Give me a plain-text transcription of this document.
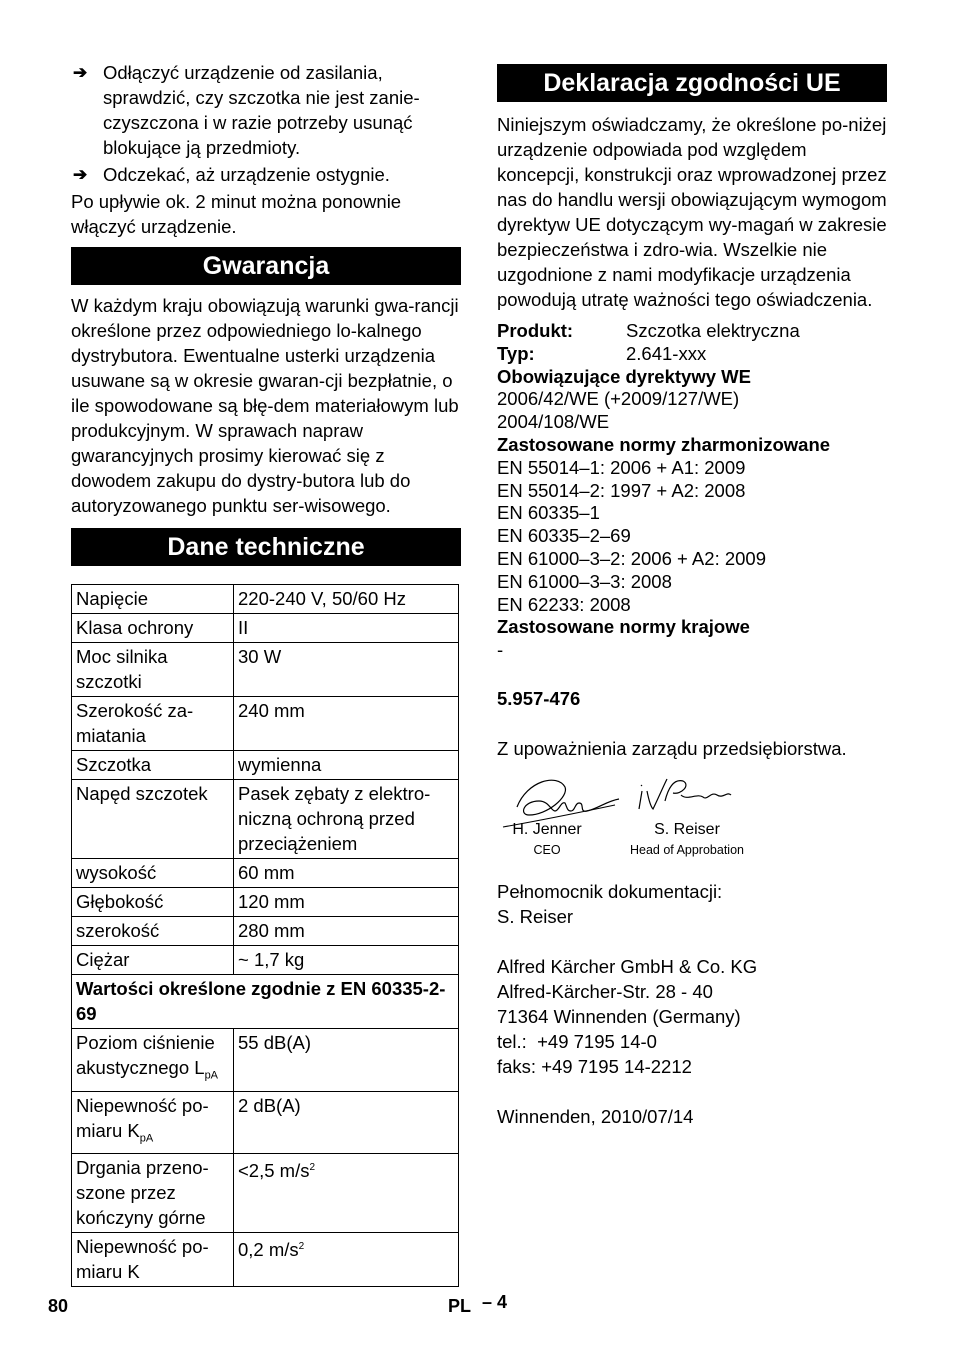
➔ Odłączyć urządzenie od zasilania, sprawdzić, czy szczotka nie jest zanie-czyszczona i w razie potrzeby usunąć blokujące ją przedmioty.

➔ Odczekać, aż urządzenie ostygnie.

Po upływie ok. 2 minut można ponownie włączyć urządzenie.

Gwarancja

W każdym kraju obowiązują warunki gwa-rancji określone przez odpowiedniego lo-kalnego dystrybutora. Ewentualne usterki urządzenia usuwane są w okresie gwaran-cji bezpłatnie, o ile spowodowane są błę-dem materiałowym lub produkcyjnym. W sprawach napraw gwarancyjnych prosimy kierować się z dowodem zakupu do dystry-butora lub do autoryzowanego punktu ser-wisowego.

Dane techniczne
Napięcie	220-240 V, 50/60 Hz
Klasa ochrony	II
Moc silnika szczotki	30 W
Szerokość za-miatania	240 mm
Szczotka	wymienna
Napęd szczotek	Pasek zębaty z elektro-niczną ochroną przed przeciążeniem
wysokość	60 mm
Głębokość	120 mm
szerokość	280 mm
Ciężar	~ 1,7 kg
Wartości określone zgodnie z EN 60335-2-69	
Poziom ciśnienie akustycznego $L_{pA}$	55 dB(A)
Niepewność po-miaru $K_{pA}$	2 dB(A)
Drgania przeno-szone przez kończyny górne	<2,5 $m/s^2$
Niepewność po-miaru K	0,2 $m/s^2$
Deklaracja zgodności UE

Niniejszym oświadczamy, że określone po-niżej urządzenie odpowiada pod względem koncepcji, konstrukcji oraz wprowadzonej przez nas do handlu wersji obowiązującym wymogom dyrektyw UE dotyczącym wy-magań w zakresie bezpieczeństwa i zdro-wia. Wszelkie nie uzgodnione z nami modyfikacje urządzenia powodują utratę ważności tego oświadczenia.

Produkt:	Szczotka elektryczna
Typ:	2.641-xxx
Obowiązujące dyrektywy WE
2006/42/WE (+2009/127/WE)
2004/108/WE
Zastosowane normy zharmonizowane
EN 55014–1: 2006 + A1: 2009
EN 55014–2: 1997 + A2: 2008
EN 60335–1
EN 60335–2–69
EN 61000–3–2: 2006 + A2: 2009
EN 61000–3–3: 2008
EN 62233: 2008
Zastosowane normy krajowe
-

5.957-476

Z upoważnienia zarządu przedsiębiorstwa.

H. Jenner
CEO
S. Reiser
Head of Approbation

Pełnomocnik dokumentacji:

S. Reiser

Alfred Kärcher GmbH & Co. KG

Alfred-Kärcher-Str. 28 - 40

71364 Winnenden (Germany)

tel.:  +49 7195 14-0

faks: +49 7195 14-2212

Winnenden, 2010/07/14

80	PL – 4
